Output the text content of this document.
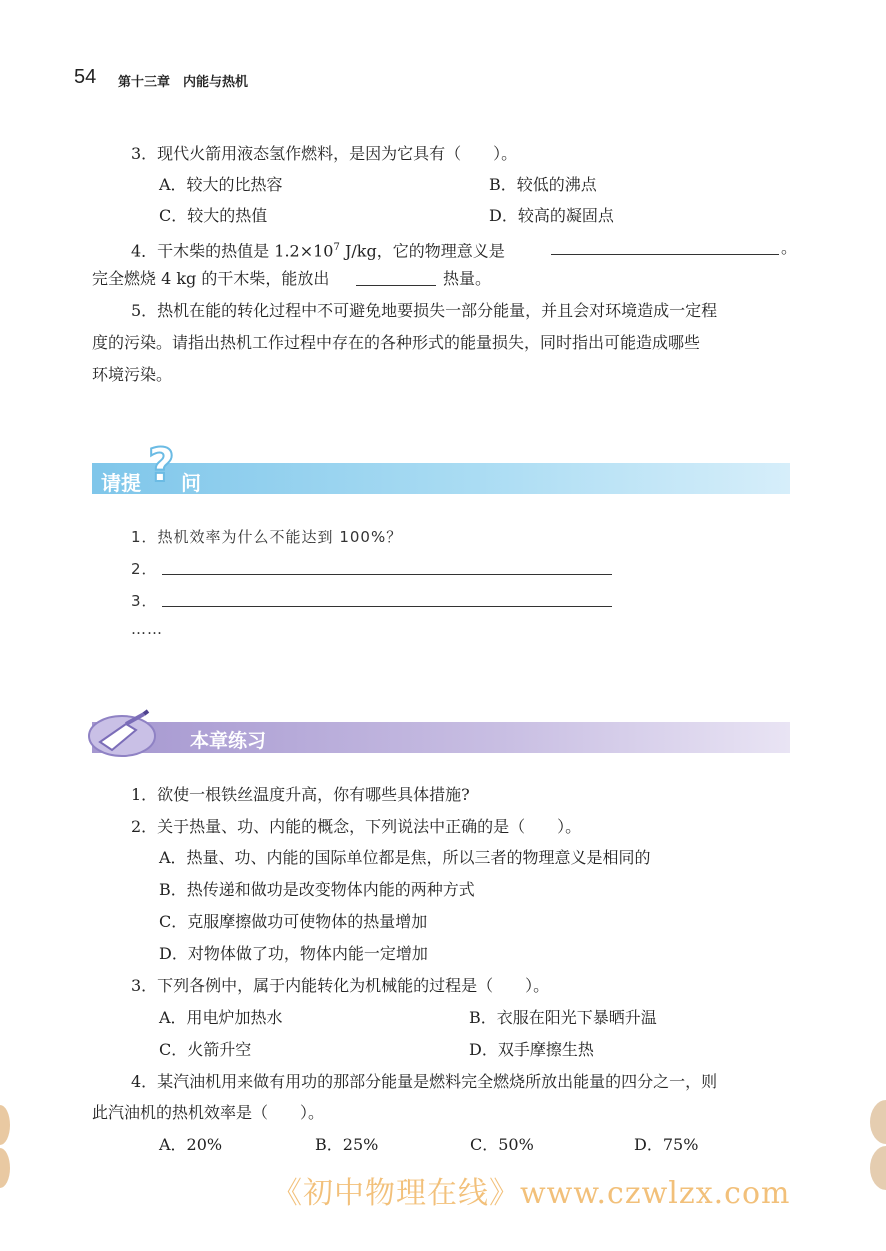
54 第十三章　内能与热机
3．现代火箭用液态氢作燃料，是因为它具有（　　）。
A．较大的比热容	B．较低的沸点
C．较大的热值	D．较高的凝固点
4．干木柴的热值是 $1.2\times 10^7$ J/kg，它的物理意义是	。
完全燃烧 4 kg 的干木柴，能放出	热量。
5．热机在能的转化过程中不可避免地要损失一部分能量，并且会对环境造成一定程
度的污染。请指出热机工作过程中存在的各种形式的能量损失，同时指出可能造成哪些
环境污染。
请提 ? 问
1．热机效率为什么不能达到 100%？
2．
3．
……
本章练习
1．欲使一根铁丝温度升高，你有哪些具体措施?
2．关于热量、功、内能的概念，下列说法中正确的是（　　）。
A．热量、功、内能的国际单位都是焦，所以三者的物理意义是相同的
B．热传递和做功是改变物体内能的两种方式
C．克服摩擦做功可使物体的热量增加
D．对物体做了功，物体内能一定增加
3．下列各例中，属于内能转化为机械能的过程是（　　）。
A．用电炉加热水	B．衣服在阳光下暴晒升温
C．火箭升空	D．双手摩擦生热
4．某汽油机用来做有用功的那部分能量是燃料完全燃烧所放出能量的四分之一，则
此汽油机的热机效率是（　　）。
A．20%	B．25%	C．50%	D．75%
《初中物理在线》www.czwlzx.com
